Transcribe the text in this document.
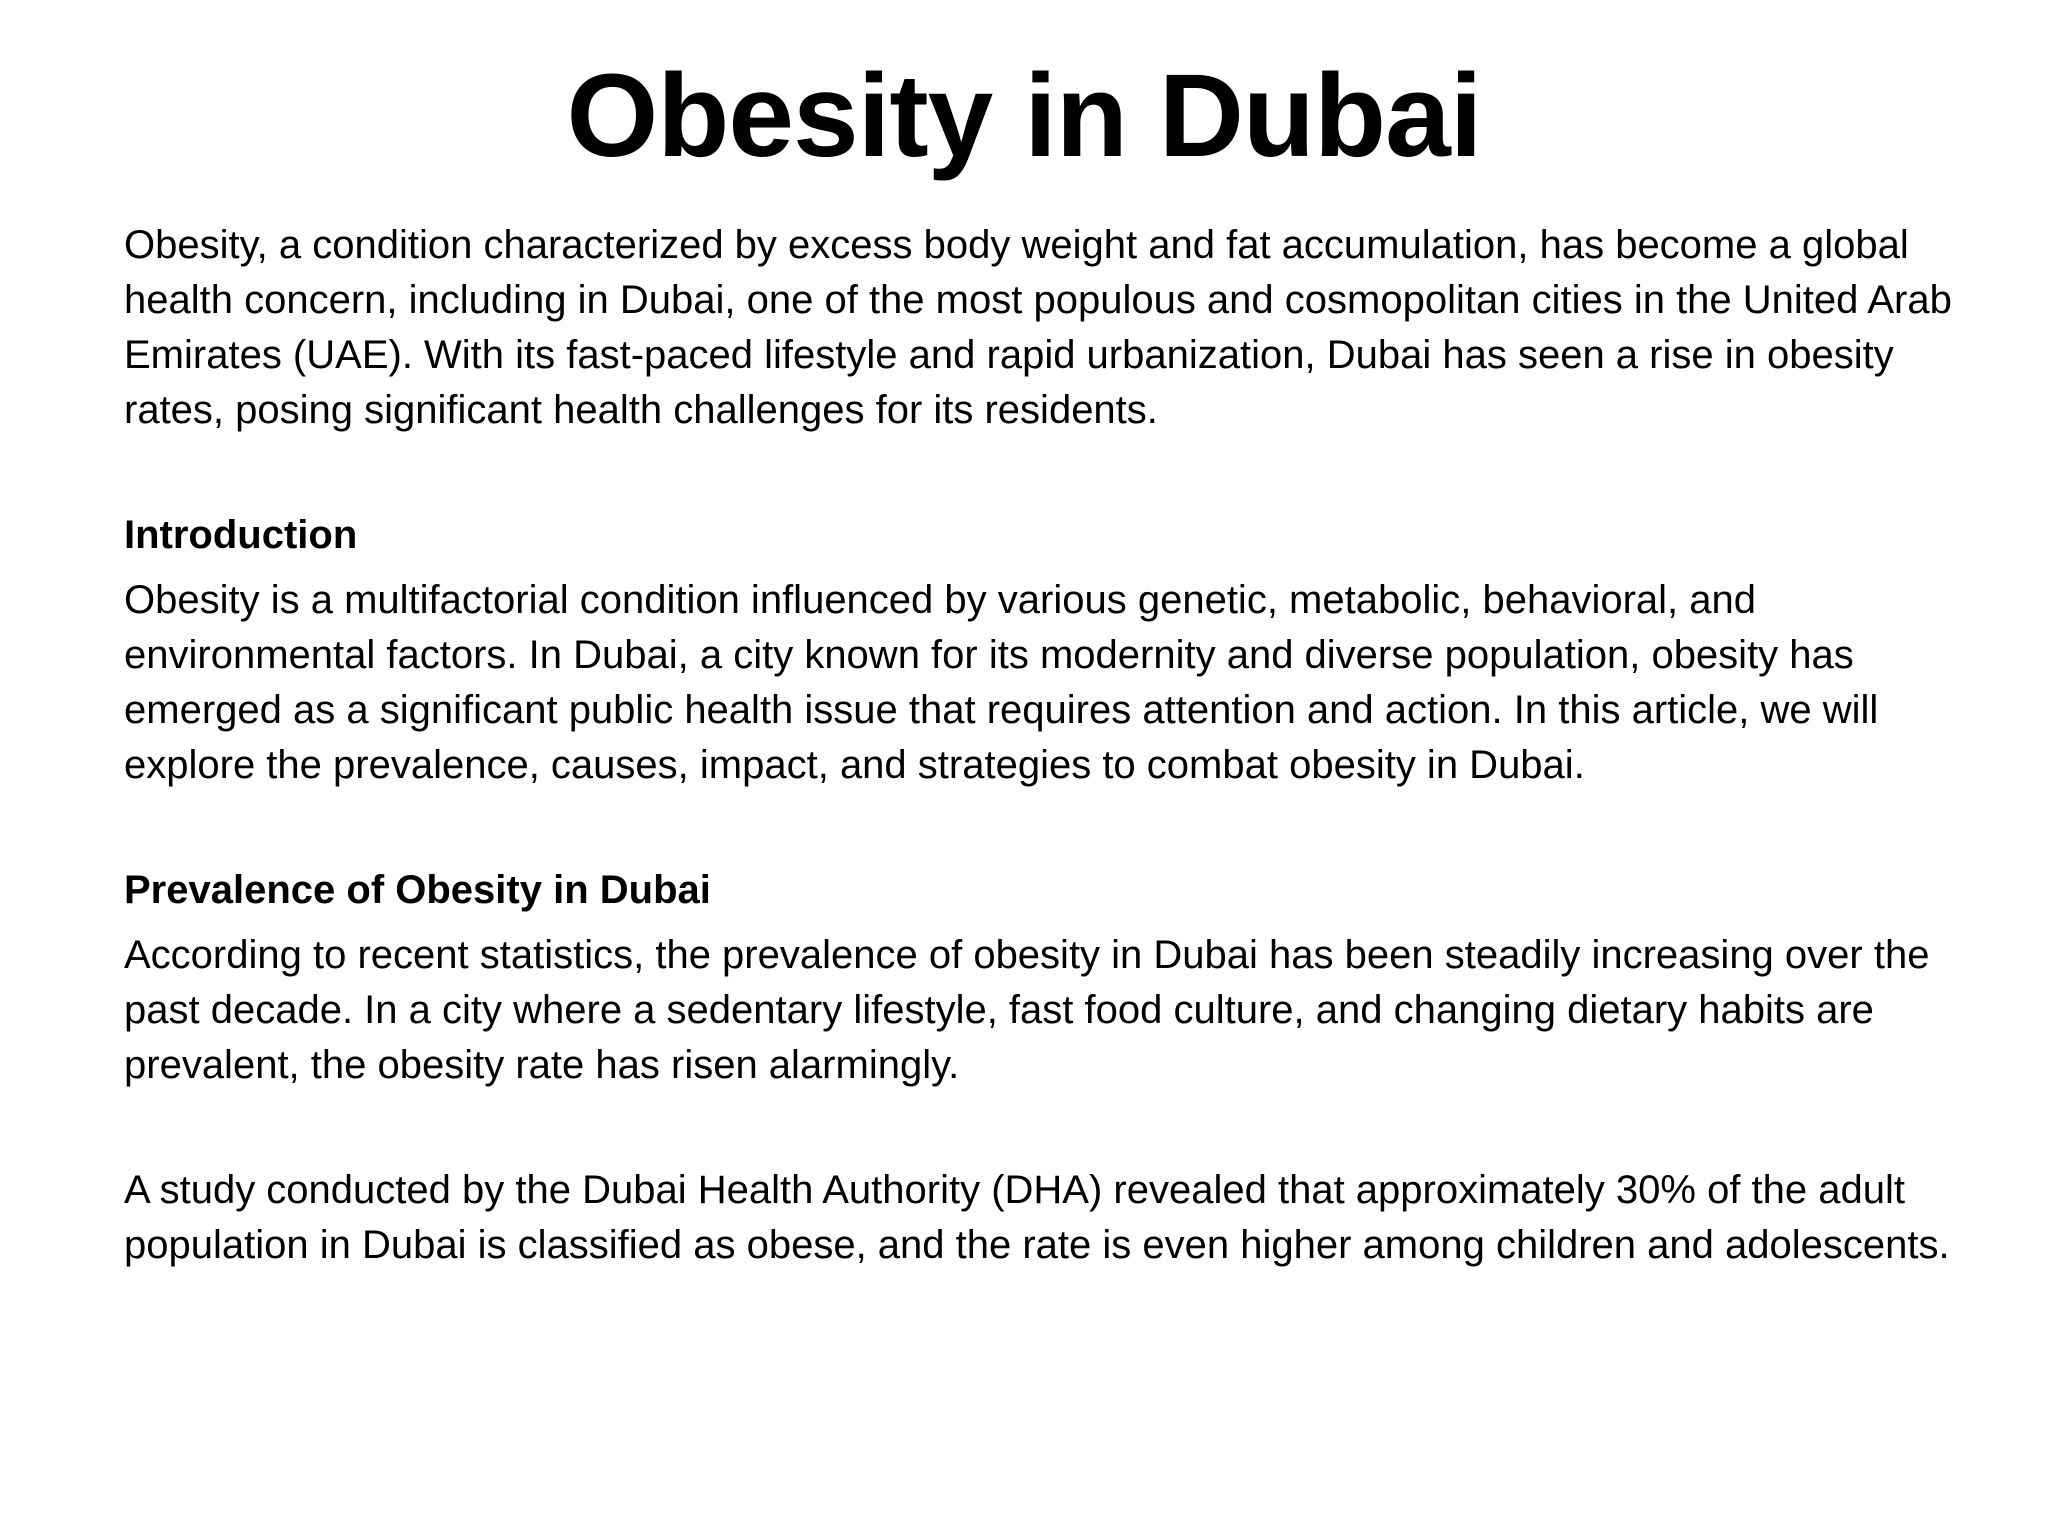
Obesity in Dubai

Obesity, a condition characterized by excess body weight and fat accumulation, has become a global health concern, including in Dubai, one of the most populous and cosmopolitan cities in the United Arab Emirates (UAE). With its fast-paced lifestyle and rapid urbanization, Dubai has seen a rise in obesity rates, posing significant health challenges for its residents.

Introduction

Obesity is a multifactorial condition influenced by various genetic, metabolic, behavioral, and environmental factors. In Dubai, a city known for its modernity and diverse population, obesity has emerged as a significant public health issue that requires attention and action. In this article, we will explore the prevalence, causes, impact, and strategies to combat obesity in Dubai.

Prevalence of Obesity in Dubai

According to recent statistics, the prevalence of obesity in Dubai has been steadily increasing over the past decade. In a city where a sedentary lifestyle, fast food culture, and changing dietary habits are prevalent, the obesity rate has risen alarmingly.

A study conducted by the Dubai Health Authority (DHA) revealed that approximately 30% of the adult population in Dubai is classified as obese, and the rate is even higher among children and adolescents.
